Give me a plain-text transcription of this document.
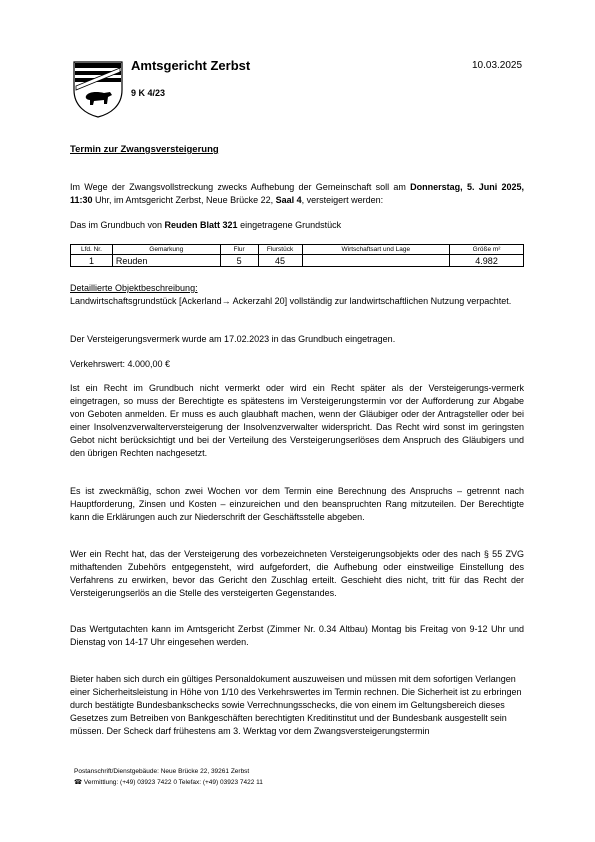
Amtsgericht Zerbst
9 K 4/23
10.03.2025
Termin zur Zwangsversteigerung
Im Wege der Zwangsvollstreckung zwecks Aufhebung der Gemeinschaft soll am Donnerstag, 5. Juni 2025, 11:30 Uhr, im Amtsgericht Zerbst, Neue Brücke 22, Saal 4, versteigert werden:
Das im Grundbuch von Reuden Blatt 321 eingetragene Grundstück
Lfd. Nr.	Gemarkung	Flur	Flurstück	Wirtschaftsart und Lage	Größe m²
1	Reuden	5	45		4.982
Detaillierte Objektbeschreibung:
Landwirtschaftsgrundstück [Ackerland→ Ackerzahl 20] vollständig zur landwirtschaftlichen Nutzung verpachtet.
Der Versteigerungsvermerk wurde am 17.02.2023 in das Grundbuch eingetragen.
Verkehrswert: 4.000,00 €
Ist ein Recht im Grundbuch nicht vermerkt oder wird ein Recht später als der Versteigerungs-vermerk eingetragen, so muss der Berechtigte es spätestens im Versteigerungstermin vor der Aufforderung zur Abgabe von Geboten anmelden. Er muss es auch glaubhaft machen, wenn der Gläubiger oder der Antragsteller oder bei einer Insolvenzverwalterversteigerung der Insolvenzverwalter widerspricht. Das Recht wird sonst im geringsten Gebot nicht berücksichtigt und bei der Verteilung des Versteigerungserlöses dem Anspruch des Gläubigers und den übrigen Rechten nachgesetzt.
Es ist zweckmäßig, schon zwei Wochen vor dem Termin eine Berechnung des Anspruchs – getrennt nach Hauptforderung, Zinsen und Kosten – einzureichen und den beanspruchten Rang mitzuteilen. Der Berechtigte kann die Erklärungen auch zur Niederschrift der Geschäftsstelle abgeben.
Wer ein Recht hat, das der Versteigerung des vorbezeichneten Versteigerungsobjekts oder des nach § 55 ZVG mithaftenden Zubehörs entgegensteht, wird aufgefordert, die Aufhebung oder einstweilige Einstellung des Verfahrens zu erwirken, bevor das Gericht den Zuschlag erteilt. Geschieht dies nicht, tritt für das Recht der Versteigerungserlös an die Stelle des versteigerten Gegenstandes.
Das Wertgutachten kann im Amtsgericht Zerbst (Zimmer Nr. 0.34 Altbau) Montag bis Freitag von 9-12 Uhr und Dienstag von 14-17 Uhr eingesehen werden.
Bieter haben sich durch ein gültiges Personaldokument auszuweisen und müssen mit dem sofortigen Verlangen einer Sicherheitsleistung in Höhe von 1/10 des Verkehrswertes im Termin rechnen. Die Sicherheit ist zu erbringen durch bestätigte Bundesbankschecks sowie Verrechnungsschecks, die von einem im Geltungsbereich dieses Gesetzes zum Betreiben von Bankgeschäften berechtigten Kreditinstitut und der Bundesbank ausgestellt sein müssen. Der Scheck darf frühestens am 3. Werktag vor dem Zwangsversteigerungstermin
Postanschrift/Dienstgebäude: Neue Brücke 22, 39261 Zerbst
☎ Vermittlung: (+49) 03923 7422 0 Telefax: (+49) 03923 7422 11
